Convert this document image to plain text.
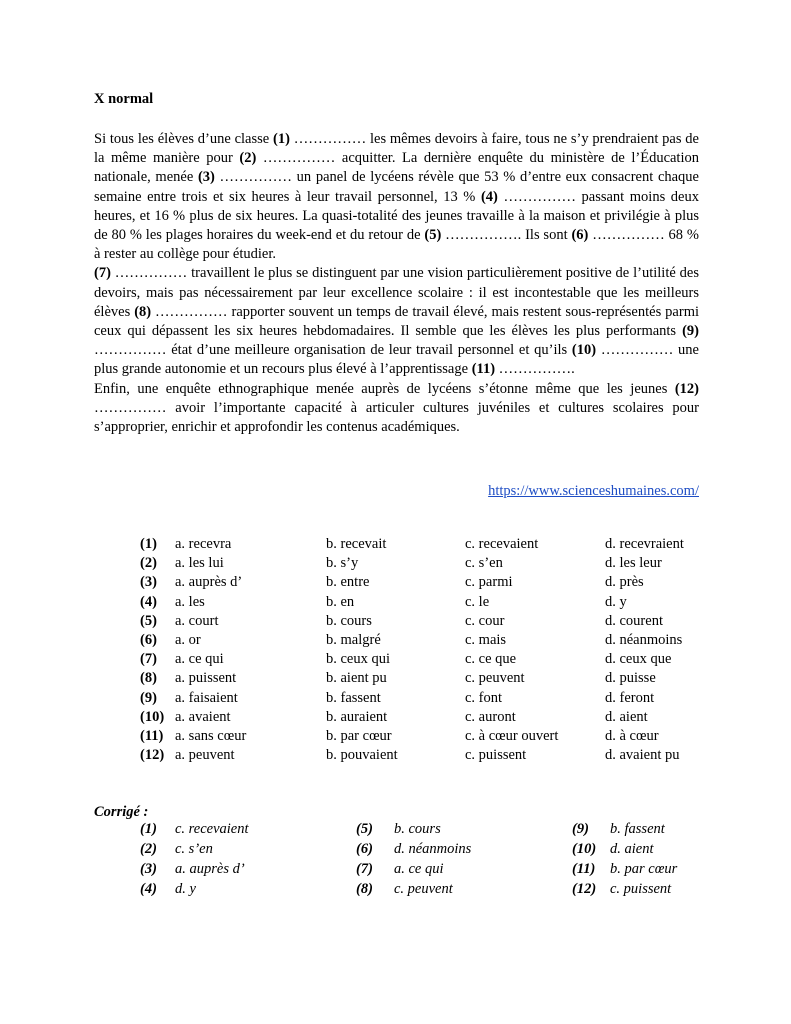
X normal

Si tous les élèves d’une classe (1) …………… les mêmes devoirs à faire, tous ne s’y prendraient pas de la même manière pour (2) …………… acquitter. La dernière enquête du ministère de l’Éducation nationale, menée (3) …………… un panel de lycéens révèle que 53 % d’entre eux consacrent chaque semaine entre trois et six heures à leur travail personnel, 13 % (4) …………… passant moins deux heures, et 16 % plus de six heures. La quasi-totalité des jeunes travaille à la maison et privilégie à plus de 80 % les plages horaires du week-end et du retour de (5) ……………. Ils sont (6) …………… 68 % à rester au collège pour étudier.

(7) …………… travaillent le plus se distinguent par une vision particulièrement positive de l’utilité des devoirs, mais pas nécessairement par leur excellence scolaire : il est incontestable que les meilleurs élèves (8) …………… rapporter souvent un temps de travail élevé, mais restent sous-représentés parmi ceux qui dépassent les six heures hebdomadaires. Il semble que les élèves les plus performants (9) …………… état d’une meilleure organisation de leur travail personnel et qu’ils (10) …………… une plus grande autonomie et un recours plus élevé à l’apprentissage (11) …………….

Enfin, une enquête ethnographique menée auprès de lycéens s’étonne même que les jeunes (12) …………… avoir l’importante capacité à articuler cultures juvéniles et cultures scolaires pour s’approprier, enrichir et approfondir les contenus académiques.

https://www.scienceshumaines.com/
(1) a. recevra	b. recevait	c. recevaient	d. recevraient
(2) a. les lui	b. s’y	c. s’en	d. les leur
(3) a. auprès d’	b. entre	c. parmi	d. près
(4) a. les	b. en	c. le	d. y
(5) a. court	b. cours	c. cour	d. courent
(6) a. or	b. malgré	c. mais	d. néanmoins
(7) a. ce qui	b. ceux qui	c. ce que	d. ceux que
(8) a. puissent	b. aient pu	c. peuvent	d. puisse
(9) a. faisaient	b. fassent	c. font	d. feront
(10) a. avaient	b. auraient	c. auront	d. aient
(11) a. sans cœur	b. par cœur	c. à cœur ouvert	d. à cœur
(12) a. peuvent	b. pouvaient	c. puissent	d. avaient pu
Corrigé :
(1) c. recevaient	(5) b. cours	(9) b. fassent
(2) c. s’en	(6) d. néanmoins	(10) d. aient
(3) a. auprès d’	(7) a. ce qui	(11) b. par cœur
(4) d. y	(8) c. peuvent	(12) c. puissent
